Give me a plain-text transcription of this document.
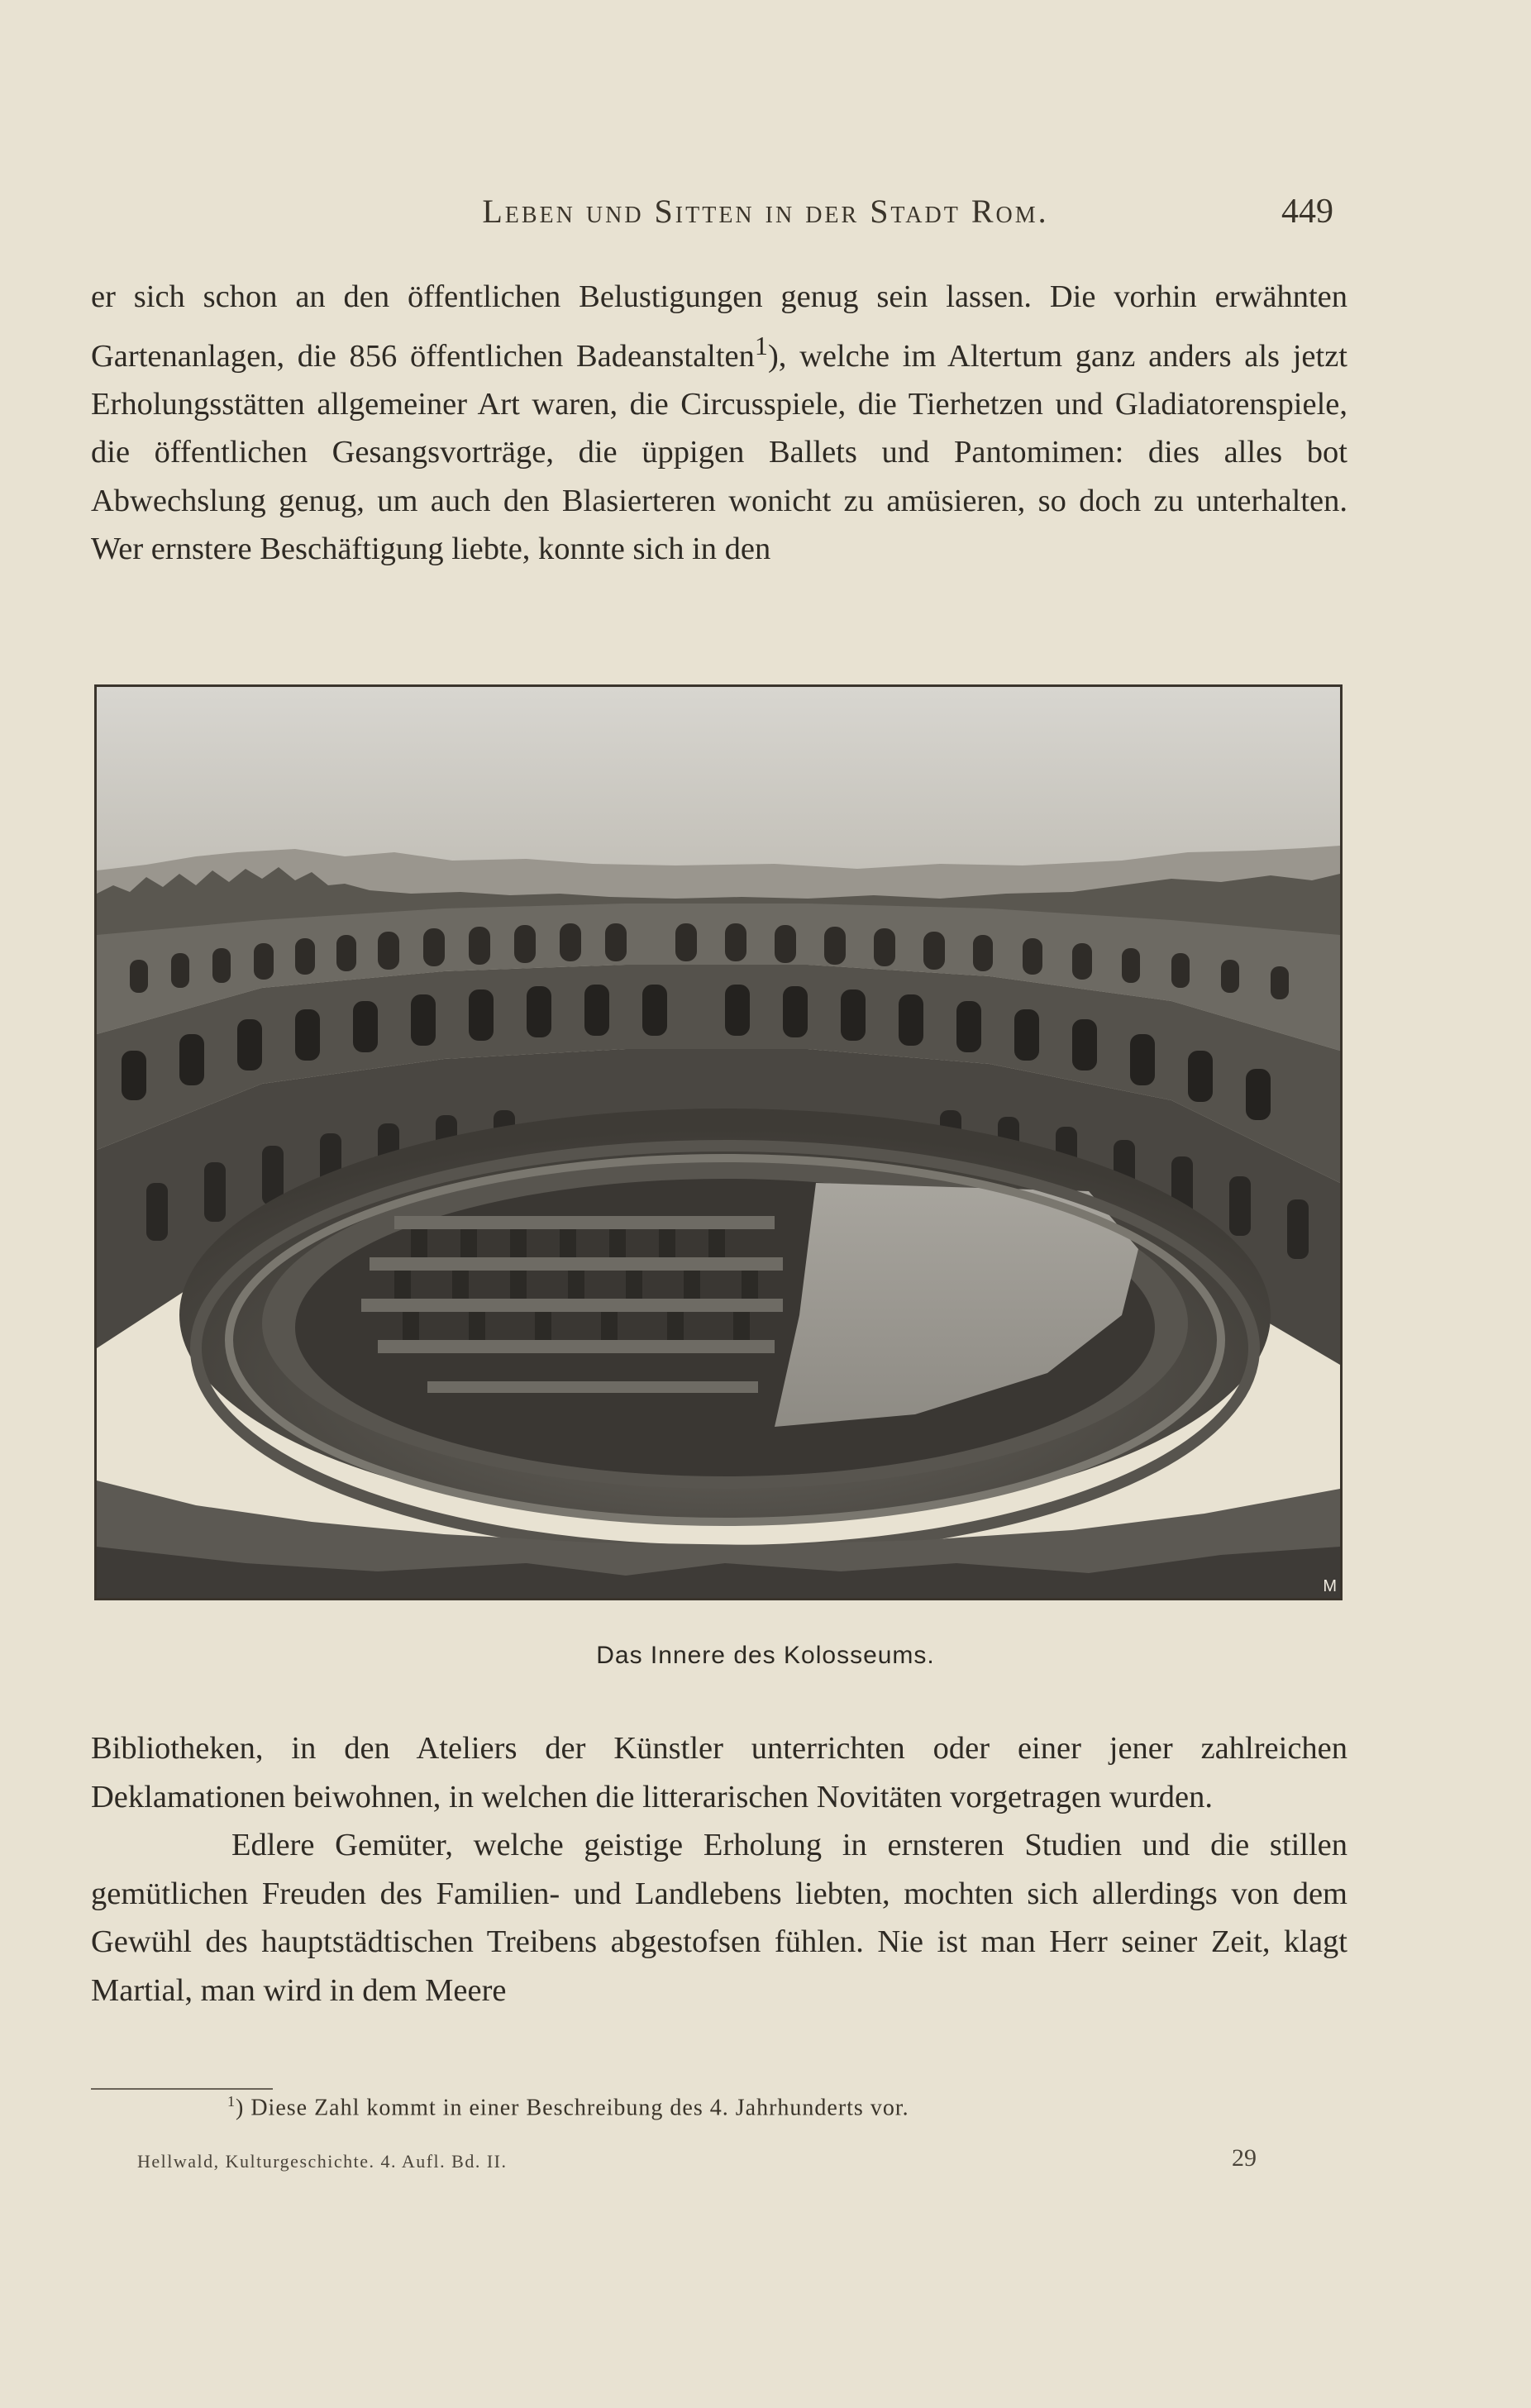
Leben und Sitten in der Stadt Rom.	449

er sich schon an den öffentlichen Belustigungen genug sein lassen. Die vorhin erwähnten Gartenanlagen, die 856 öffentlichen Badeanstalten$^1$), welche im Altertum ganz anders als jetzt Erholungsstätten allgemeiner Art waren, die Circusspiele, die Tierhetzen und Gladiatorenspiele, die öffentlichen Gesangsvorträge, die üppigen Ballets und Pantomimen: dies alles bot Abwechslung genug, um auch den Blasierteren wonicht zu amüsieren, so doch zu unterhalten. Wer ernstere Beschäftigung liebte, konnte sich in den

M
Das Innere des Kolosseums.

Bibliotheken, in den Ateliers der Künstler unterrichten oder einer jener zahlreichen Deklamationen beiwohnen, in welchen die litterarischen Novitäten vorgetragen wurden.

Edlere Gemüter, welche geistige Erholung in ernsteren Studien und die stillen gemütlichen Freuden des Familien- und Landlebens liebten, mochten sich allerdings von dem Gewühl des hauptstädtischen Treibens abgestofsen fühlen. Nie ist man Herr seiner Zeit, klagt Martial, man wird in dem Meere

$^1$) Diese Zahl kommt in einer Beschreibung des 4. Jahrhunderts vor.
Hellwald, Kulturgeschichte. 4. Aufl. Bd. II.	29
